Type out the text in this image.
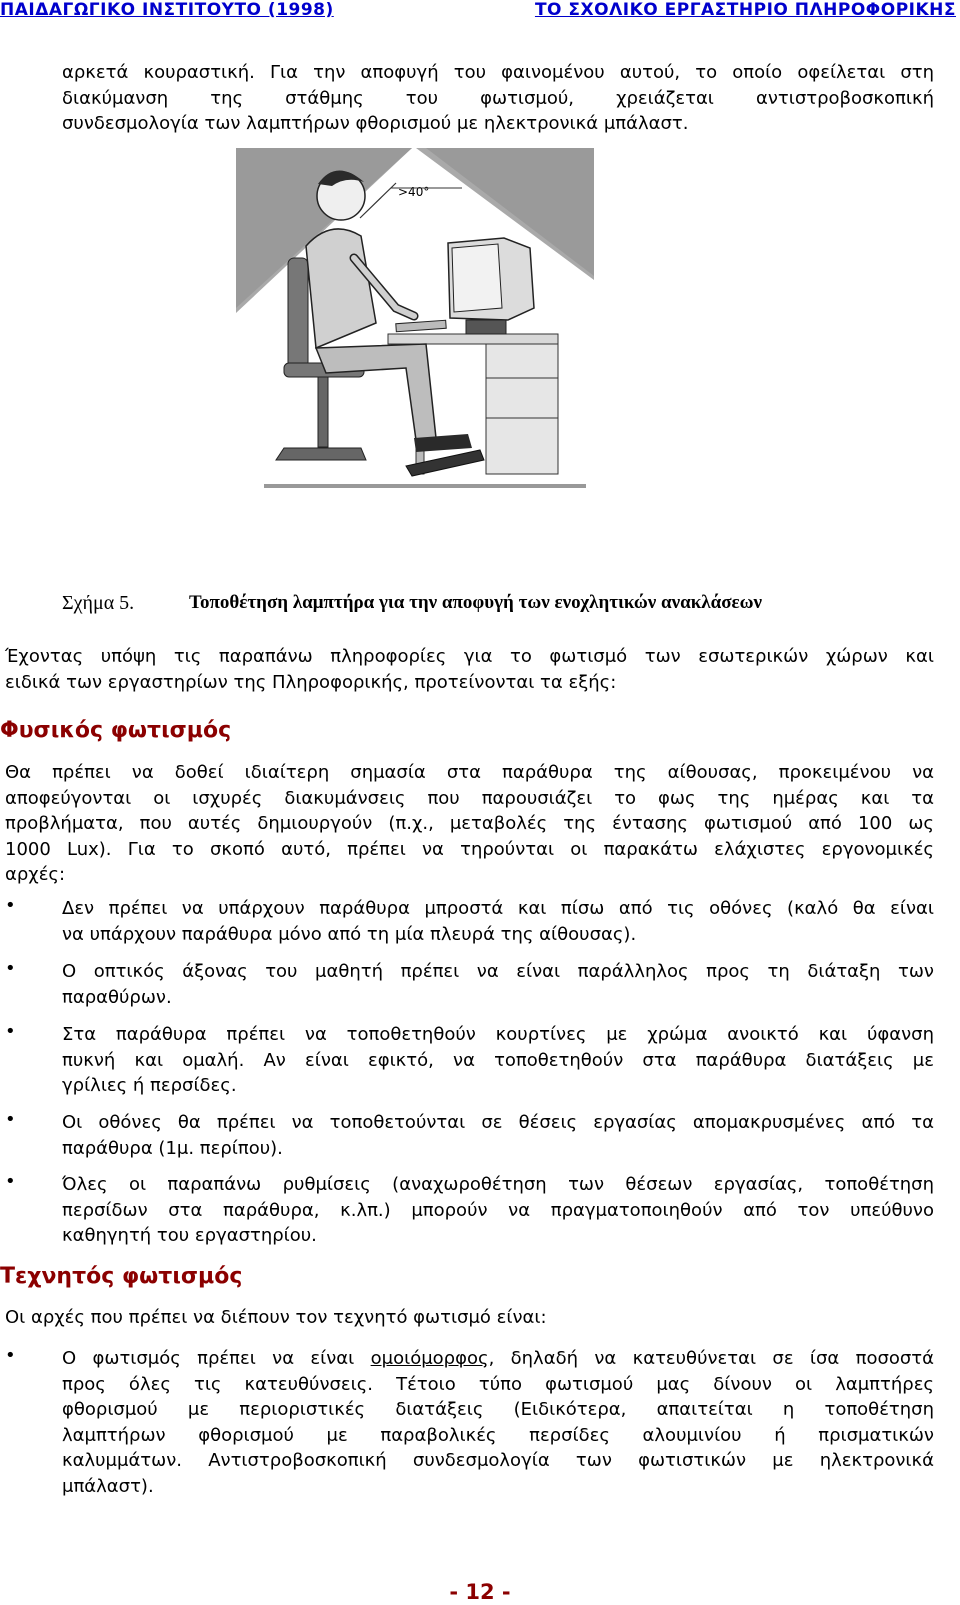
ΠΑΙΔΑΓΩΓΙΚΟ ΙΝΣΤΙΤΟΥΤΟ (1998)	ΤΟ ΣΧΟΛΙΚΟ ΕΡΓΑΣΤΗΡΙΟ ΠΛΗΡΟΦΟΡΙΚΗΣ
αρκετά κουραστική. Για την αποφυγή του φαινομένου αυτού, το οποίο οφείλεται στη
διακύμανση της στάθμης του φωτισμού, χρειάζεται αντιστροβοσκοπική
συνδεσμολογία των λαμπτήρων φθορισμού με ηλεκτρονικά μπάλαστ.
>40°
Σχήμα 5.	Τοποθέτηση λαμπτήρα για την αποφυγή των ενοχλητικών ανακλάσεων
Έχοντας υπόψη τις παραπάνω πληροφορίες για το φωτισμό των εσωτερικών χώρων και
ειδικά των εργαστηρίων της Πληροφορικής, προτείνονται τα εξής:
Φυσικός φωτισμός
Θα πρέπει να δοθεί ιδιαίτερη σημασία στα παράθυρα της αίθουσας, προκειμένου να
αποφεύγονται οι ισχυρές διακυμάνσεις που παρουσιάζει το φως της ημέρας και τα
προβλήματα, που αυτές δημιουργούν (π.χ., μεταβολές της έντασης φωτισμού από 100 ως
1000 Lux). Για το σκοπό αυτό, πρέπει να τηρούνται οι παρακάτω ελάχιστες εργονομικές
αρχές:
•	Δεν πρέπει να υπάρχουν παράθυρα μπροστά και πίσω από τις οθόνες (καλό θα είναι
να υπάρχουν παράθυρα μόνο από τη μία πλευρά της αίθουσας).
•	Ο οπτικός άξονας του μαθητή πρέπει να είναι παράλληλος προς τη διάταξη των
παραθύρων.
•	Στα παράθυρα πρέπει να τοποθετηθούν κουρτίνες με χρώμα ανοικτό και ύφανση
πυκνή και ομαλή. Αν είναι εφικτό, να τοποθετηθούν στα παράθυρα διατάξεις με
γρίλιες ή περσίδες.
•	Οι οθόνες θα πρέπει να τοποθετούνται σε θέσεις εργασίας απομακρυσμένες από τα
παράθυρα (1μ. περίπου).
•	Όλες οι παραπάνω ρυθμίσεις (αναχωροθέτηση των θέσεων εργασίας, τοποθέτηση
περσίδων στα παράθυρα, κ.λπ.) μπορούν να πραγματοποιηθούν από τον υπεύθυνο
καθηγητή του εργαστηρίου.
Τεχνητός φωτισμός
Οι αρχές που πρέπει να διέπουν τον τεχνητό φωτισμό είναι:
•	Ο φωτισμός πρέπει να είναι ομοιόμορφος, δηλαδή να κατευθύνεται σε ίσα ποσοστά
προς όλες τις κατευθύνσεις. Τέτοιο τύπο φωτισμού μας δίνουν οι λαμπτήρες
φθορισμού με περιοριστικές διατάξεις (Ειδικότερα, απαιτείται η τοποθέτηση
λαμπτήρων φθορισμού με παραβολικές περσίδες αλουμινίου ή πρισματικών
καλυμμάτων. Αντιστροβοσκοπική συνδεσμολογία των φωτιστικών με ηλεκτρονικά
μπάλαστ).
- 12 -
